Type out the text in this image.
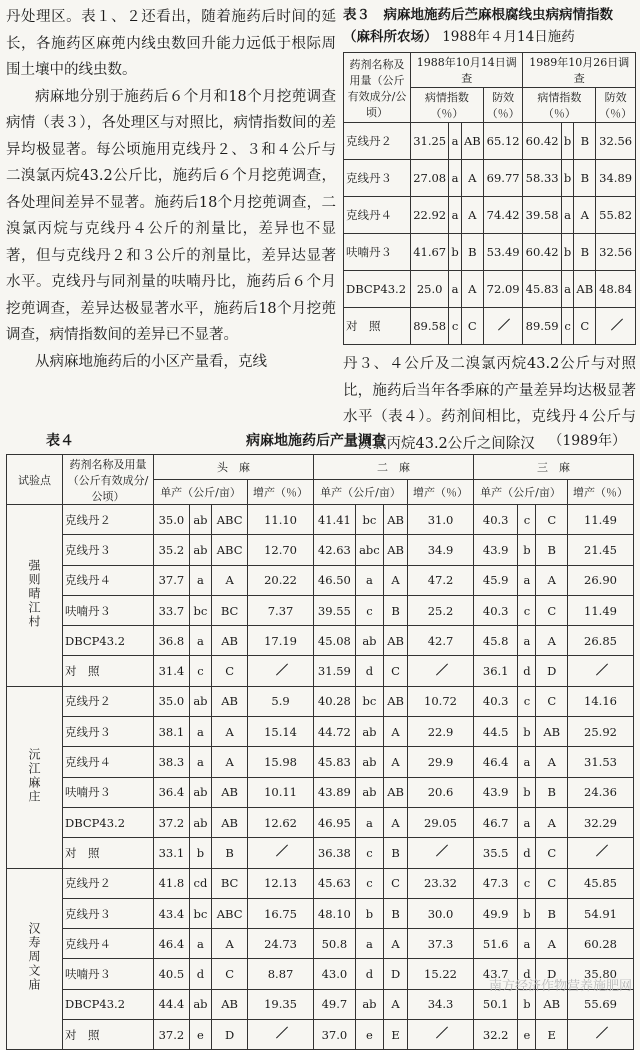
丹处理区。表１、２还看出，随着施药后时间的延长，各施药区麻蔸内线虫数回升能力远低于根际周围土壤中的线虫数。

病麻地分别于施药后６个月和18个月挖蔸调查病情（表３），各处理区与对照比，病情指数间的差异均极显著。每公顷施用克线丹２、３和４公斤与二溴氯丙烷43.2公斤比，施药后６个月挖蔸调查，各处理间差异不显著。施药后18个月挖蔸调查，二溴氯丙烷与克线丹４公斤的剂量比，差异也不显著，但与克线丹２和３公斤的剂量比，差异达显著水平。克线丹与同剂量的呋喃丹比，施药后６个月挖蔸调查，差异达极显著水平，施药后18个月挖蔸调查，病情指数间的差异已不显著。

从病麻地施药后的小区产量看，克线

表３　病麻地施药后苎麻根腐线虫病病情指数（麻科所农场） 1988年４月14日施药
药剂名称及用量（公斤有效成分/公顷）	1988年10月14日调查				1989年10月26日调查			
	病情指数（％）			防效（％）	病情指数（％）			防效（％）
克线丹２	31.25	a	AB	65.12	60.42	b	B	32.56
克线丹３	27.08	a	A	69.77	58.33	b	B	34.89
克线丹４	22.92	a	A	74.42	39.58	a	A	55.82
呋喃丹３	41.67	b	B	53.49	60.42	b	B	32.56
DBCP43.2	25.0	a	A	72.09	45.83	a	AB	48.84
对　照	89.58	c	C		89.59	c	C	
丹３、４公斤及二溴氯丙烷43.2公斤与对照比，施药后当年各季麻的产量差异均达极显著水平（表４）。药剂间相比，克线丹４公斤与二溴氯丙烷43.2公斤之间除汉
表４	病麻地施药后产量调查	（1989年）
试验点	药剂名称及用量（公斤有效成分/公顷）	头　麻				二　麻				三　麻			
		单产（公斤/亩）			增产（％）	单产（公斤/亩）			增产（％）	单产（公斤/亩）			增产（％）
强则晴江村	克线丹２	35.0	ab	ABC	11.10	41.41	bc	AB	31.0	40.3	c	C	11.49
	克线丹３	35.2	ab	ABC	12.70	42.63	abc	AB	34.9	43.9	b	B	21.45
	克线丹４	37.7	a	A	20.22	46.50	a	A	47.2	45.9	a	A	26.90
	呋喃丹３	33.7	bc	BC	7.37	39.55	c	B	25.2	40.3	c	C	11.49
	DBCP43.2	36.8	a	AB	17.19	45.08	ab	AB	42.7	45.8	a	A	26.85
	对　照	31.4	c	C		31.59	d	C		36.1	d	D	
沅江麻庄	克线丹２	35.0	ab	AB	5.9	40.28	bc	AB	10.72	40.3	c	C	14.16
	克线丹３	38.1	a	A	15.14	44.72	ab	A	22.9	44.5	b	AB	25.92
	克线丹４	38.3	a	A	15.98	45.83	ab	A	29.9	46.4	a	A	31.53
	呋喃丹３	36.4	ab	AB	10.11	43.89	ab	AB	20.6	43.9	b	B	24.36
	DBCP43.2	37.2	ab	AB	12.62	46.95	a	A	29.05	46.7	a	A	32.29
	对　照	33.1	b	B		36.38	c	B		35.5	d	C	
汉寿周文庙	克线丹２	41.8	cd	BC	12.13	45.63	c	C	23.32	47.3	c	C	45.85
	克线丹３	43.4	bc	ABC	16.75	48.10	b	B	30.0	49.9	b	B	54.91
	克线丹４	46.4	a	A	24.73	50.8	a	A	37.3	51.6	a	A	60.28
	呋喃丹３	40.5	d	C	8.87	43.0	d	D	15.22	43.7	d	D	35.80
	DBCP43.2	44.4	ab	AB	19.35	49.7	ab	A	34.3	50.1	b	AB	55.69
	对　照	37.2	e	D		37.0	e	E		32.2	e	E	
南方经济作物营养施肥网
